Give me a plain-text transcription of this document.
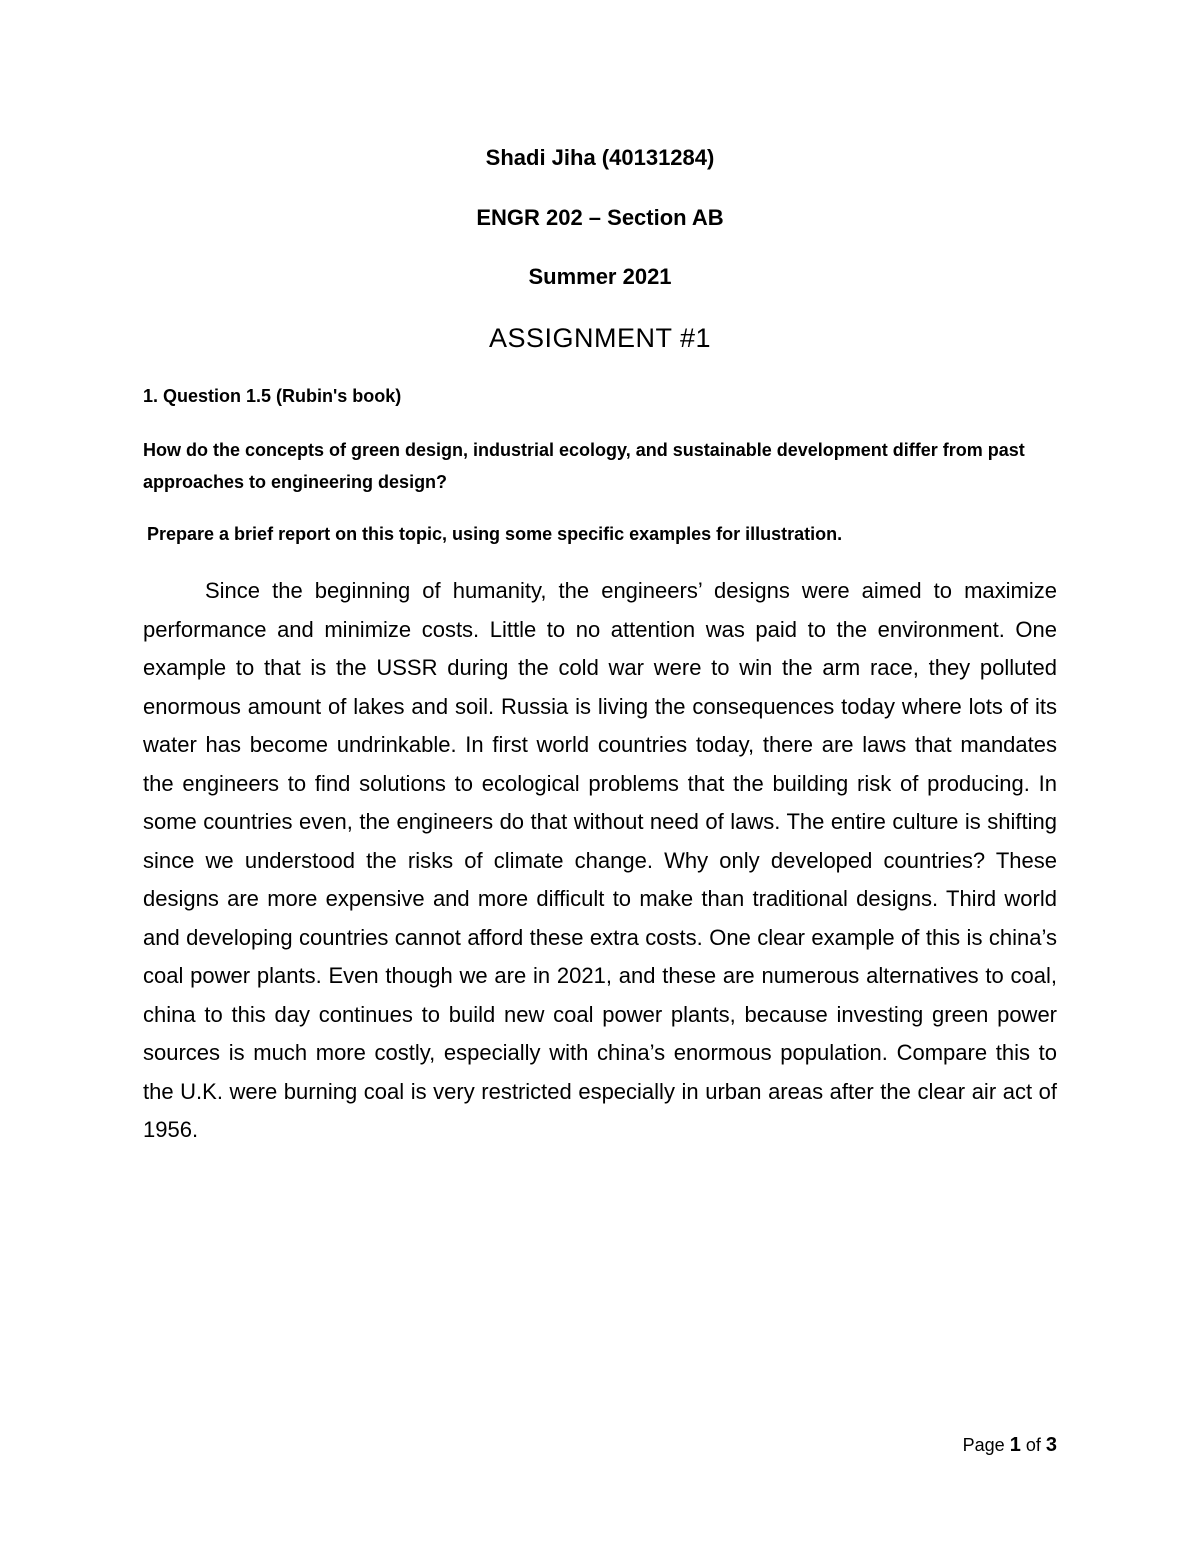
Shadi Jiha (40131284)
ENGR 202 – Section AB
Summer 2021
ASSIGNMENT #1
1. Question 1.5 (Rubin's book)
How do the concepts of green design, industrial ecology, and sustainable development differ from past approaches to engineering design?
Prepare a brief report on this topic, using some specific examples for illustration.

Since the beginning of humanity, the engineers’ designs were aimed to maximize performance and minimize costs. Little to no attention was paid to the environment. One example to that is the USSR during the cold war were to win the arm race, they polluted enormous amount of lakes and soil. Russia is living the consequences today where lots of its water has become undrinkable. In first world countries today, there are laws that mandates the engineers to find solutions to ecological problems that the building risk of producing. In some countries even, the engineers do that without need of laws. The entire culture is shifting since we understood the risks of climate change. Why only developed countries? These designs are more expensive and more difficult to make than traditional designs. Third world and developing countries cannot afford these extra costs. One clear example of this is china’s coal power plants. Even though we are in 2021, and these are numerous alternatives to coal, china to this day continues to build new coal power plants, because investing green power sources is much more costly, especially with china’s enormous population. Compare this to the U.K. were burning coal is very restricted especially in urban areas after the clear air act of 1956.

Page 1 of 3
